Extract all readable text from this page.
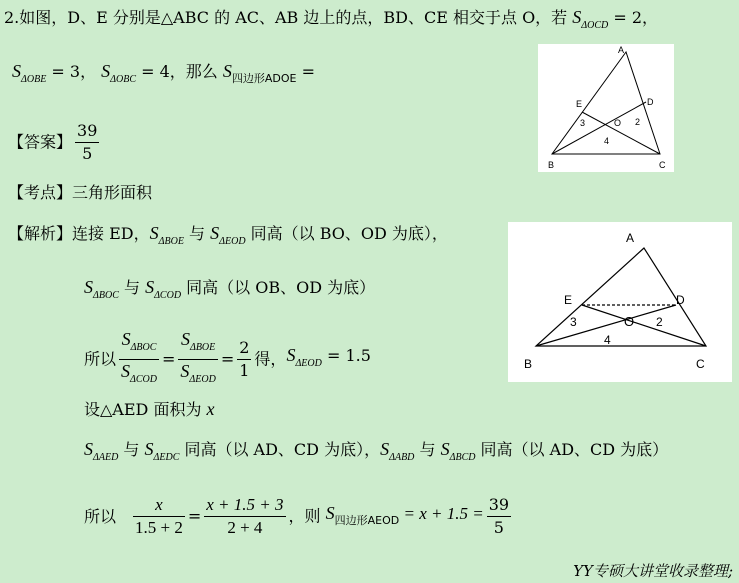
2.如图，D、E 分别是△ABC 的 AC、AB 边上的点，BD、CE 相交于点 O，若 $S_{\Delta OCD} = 2$，
$S_{\Delta OBE} = 3$， $S_{\Delta OBC} = 4$，那么 $S_{四边形ADOE}$ =
【答案】 $\frac{39}{5}$
【考点】三角形面积
【解析】连接 ED，$S_{\Delta BOE}$ 与 $S_{\Delta EOD}$ 同高（以 BO、OD 为底），
$S_{\Delta BOC}$ 与 $S_{\Delta COD}$ 同高（以 OB、OD 为底）
所以 $\frac{S_{\Delta BOC}}{S_{\Delta COD}} = \frac{S_{\Delta BOE}}{S_{\Delta EOD}} = \frac{2}{1}$ 得，$S_{\Delta EOD} = 1.5$
设△AED 面积为 x
$S_{\Delta AED}$ 与 $S_{\Delta EDC}$ 同高（以 AD、CD 为底），$S_{\Delta ABD}$ 与 $S_{\Delta BCD}$ 同高（以 AD、CD 为底）
所以 $\frac{x}{1.5 + 2} = \frac{x + 1.5 + 3}{2 + 4}$ ，则 $S_{四边形AEOD} = x + 1.5 = \frac{39}{5}$
YY专硕大讲堂收录整理;
A
B	C
D
E
O
3	2
4
A
B	C
D
E
O
3	2
4
